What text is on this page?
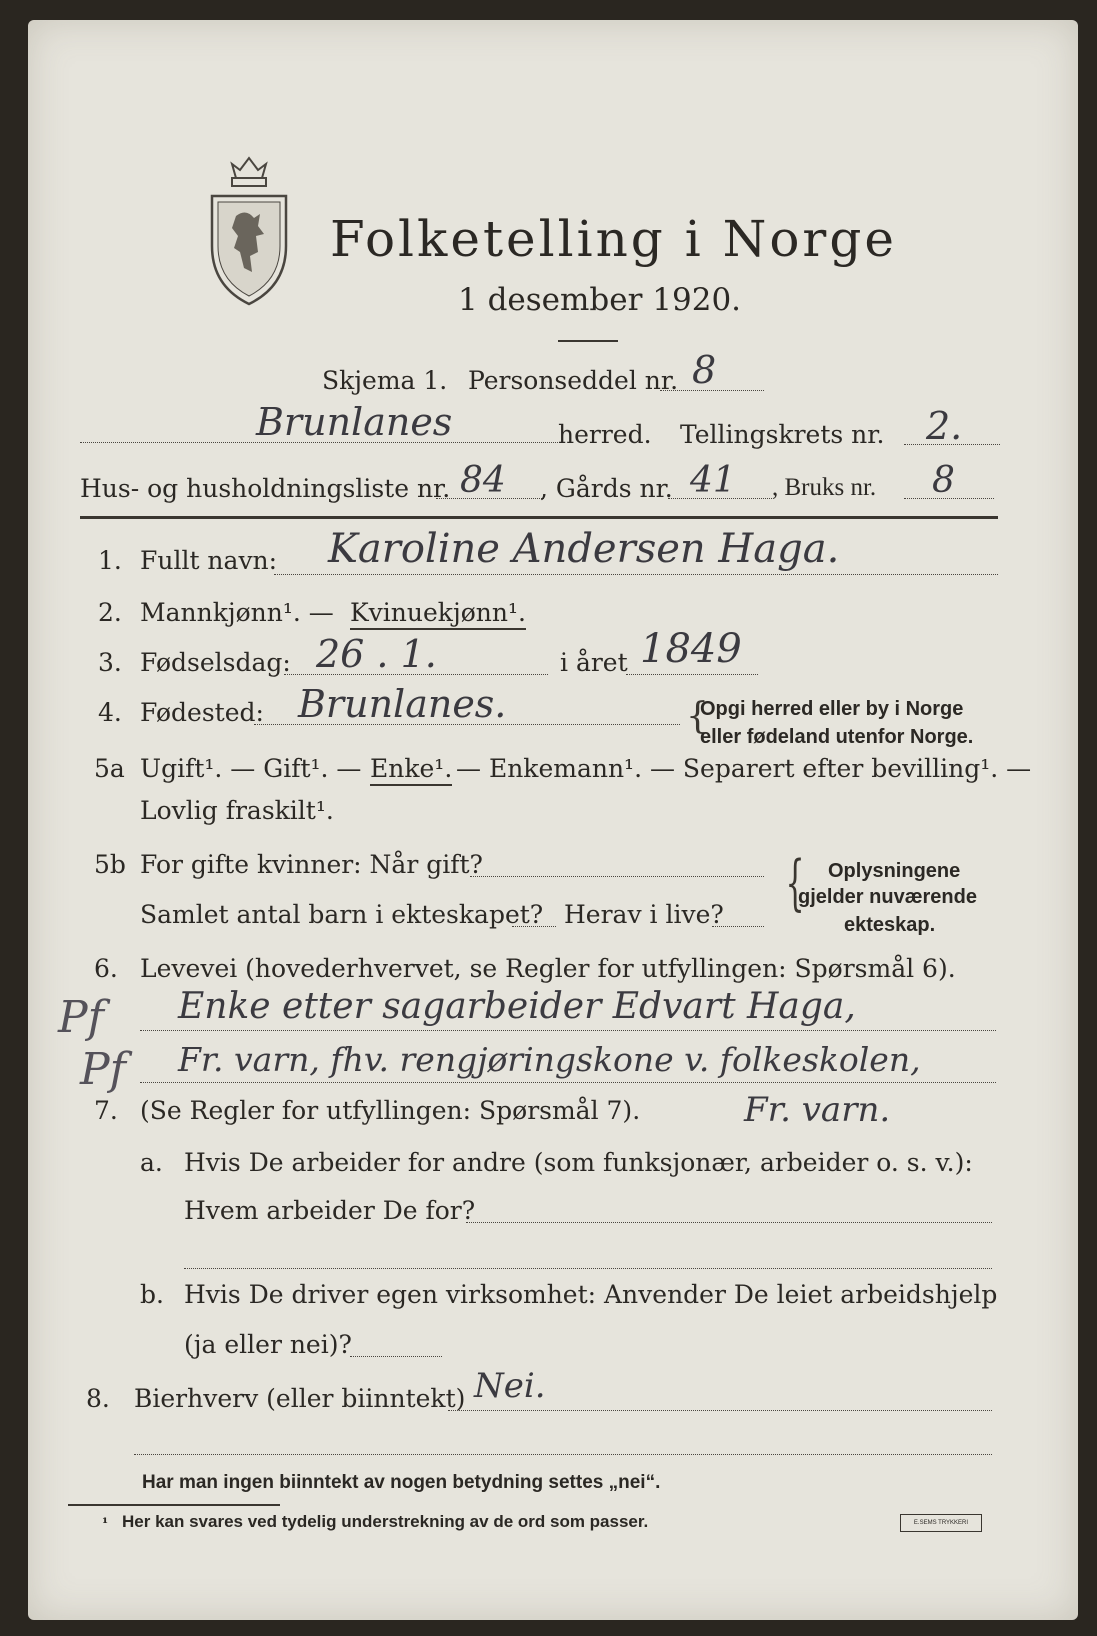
Folketelling i Norge
1 desember 1920.
Skjema 1. Personseddel nr. 8
Brunlanes	herred. Tellingskrets nr. 2.
Hus- og husholdningsliste nr. 84 , Gårds nr. 41 , Bruks nr. 8
1. Fullt navn: Karoline Andersen Haga.
2. Mannkjønn¹. — Kvinuekjønn¹.
3. Fødselsdag: 26 . 1.	i året 1849
4. Fødested: Brunlanes.	{
Opgi herred eller by i Norge
eller fødeland utenfor Norge.
5a Ugift¹. — Gift¹. — Enke¹. — Enkemann¹. — Separert efter bevilling¹. —
Lovlig fraskilt¹.
5b For gifte kvinner: Når gift?
Samlet antal barn i ekteskapet? Herav i live? { Oplysningene
gjelder nuværende
ekteskap.
6. Levevei (hovederhvervet, se Regler for utfyllingen: Spørsmål 6).
Pf
Pf
Enke etter sagarbeider Edvart Haga,
Fr. varn, fhv. rengjøringskone v. folkeskolen,
7. (Se Regler for utfyllingen: Spørsmål 7).	Fr. varn.
a. Hvis De arbeider for andre (som funksjonær, arbeider o. s. v.):
Hvem arbeider De for?
b. Hvis De driver egen virksomhet: Anvender De leiet arbeidshjelp
(ja eller nei)?
8. Bierhverv (eller biinntekt) Nei.
Har man ingen biinntekt av nogen betydning settes „nei“.
¹ Her kan svares ved tydelig understrekning av de ord som passer.	E.SEMS TRYKKERI
